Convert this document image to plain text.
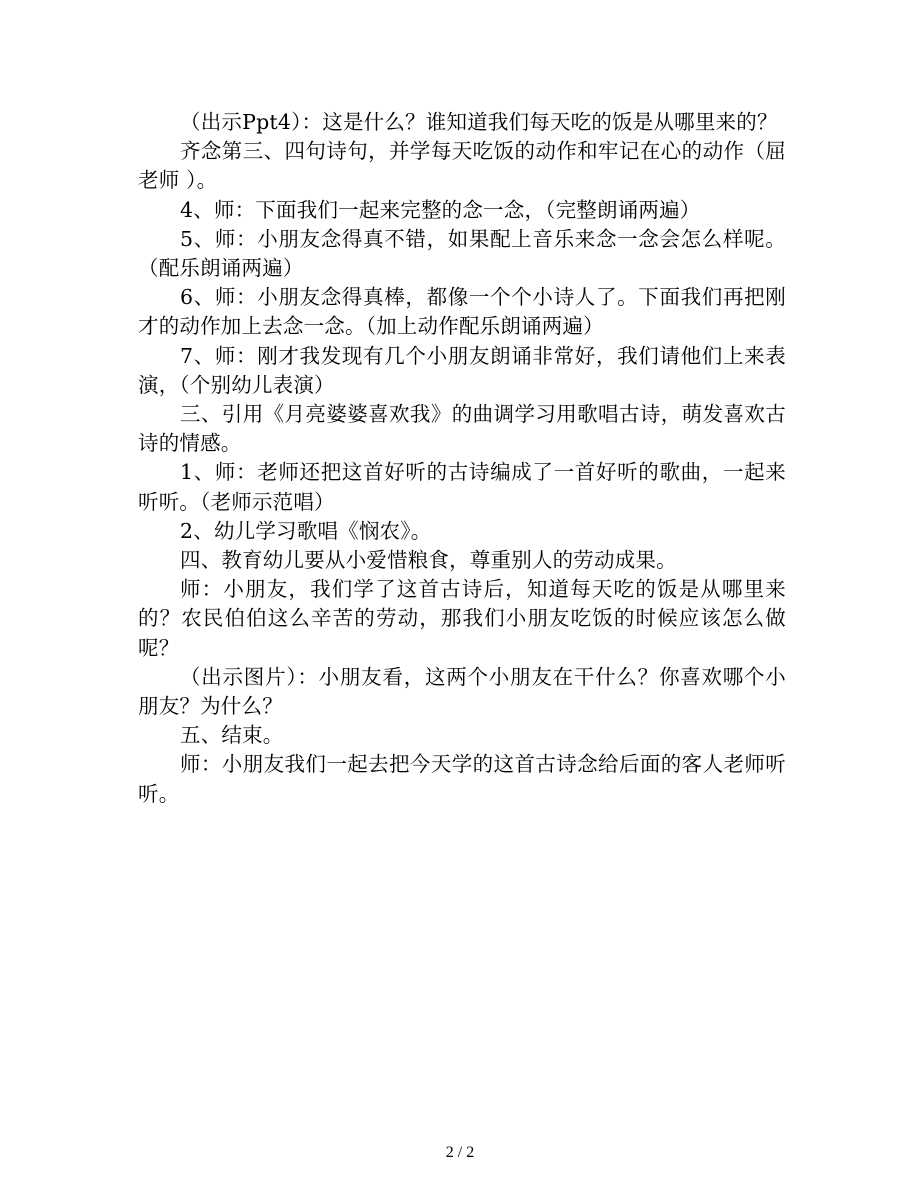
（出示Ppt4）：这是什么？谁知道我们每天吃的饭是从哪里来的？

齐念第三、四句诗句，并学每天吃饭的动作和牢记在心的动作（屈老师 ）。

4、师：下面我们一起来完整的念一念，（完整朗诵两遍）

5、师：小朋友念得真不错，如果配上音乐来念一念会怎么样呢。（配乐朗诵两遍）

6、师：小朋友念得真棒，都像一个个小诗人了。下面我们再把刚才的动作加上去念一念。（加上动作配乐朗诵两遍）

7、师：刚才我发现有几个小朋友朗诵非常好，我们请他们上来表演，（个别幼儿表演）

三、引用《月亮婆婆喜欢我》的曲调学习用歌唱古诗，萌发喜欢古诗的情感。

1、师：老师还把这首好听的古诗编成了一首好听的歌曲，一起来听听。（老师示范唱）

2、幼儿学习歌唱《悯农》。

四、教育幼儿要从小爱惜粮食，尊重别人的劳动成果。

师：小朋友，我们学了这首古诗后，知道每天吃的饭是从哪里来的？农民伯伯这么辛苦的劳动，那我们小朋友吃饭的时候应该怎么做呢？

（出示图片）：小朋友看，这两个小朋友在干什么？你喜欢哪个小朋友？为什么？

五、结束。

师：小朋友我们一起去把今天学的这首古诗念给后面的客人老师听听。

2 / 2
